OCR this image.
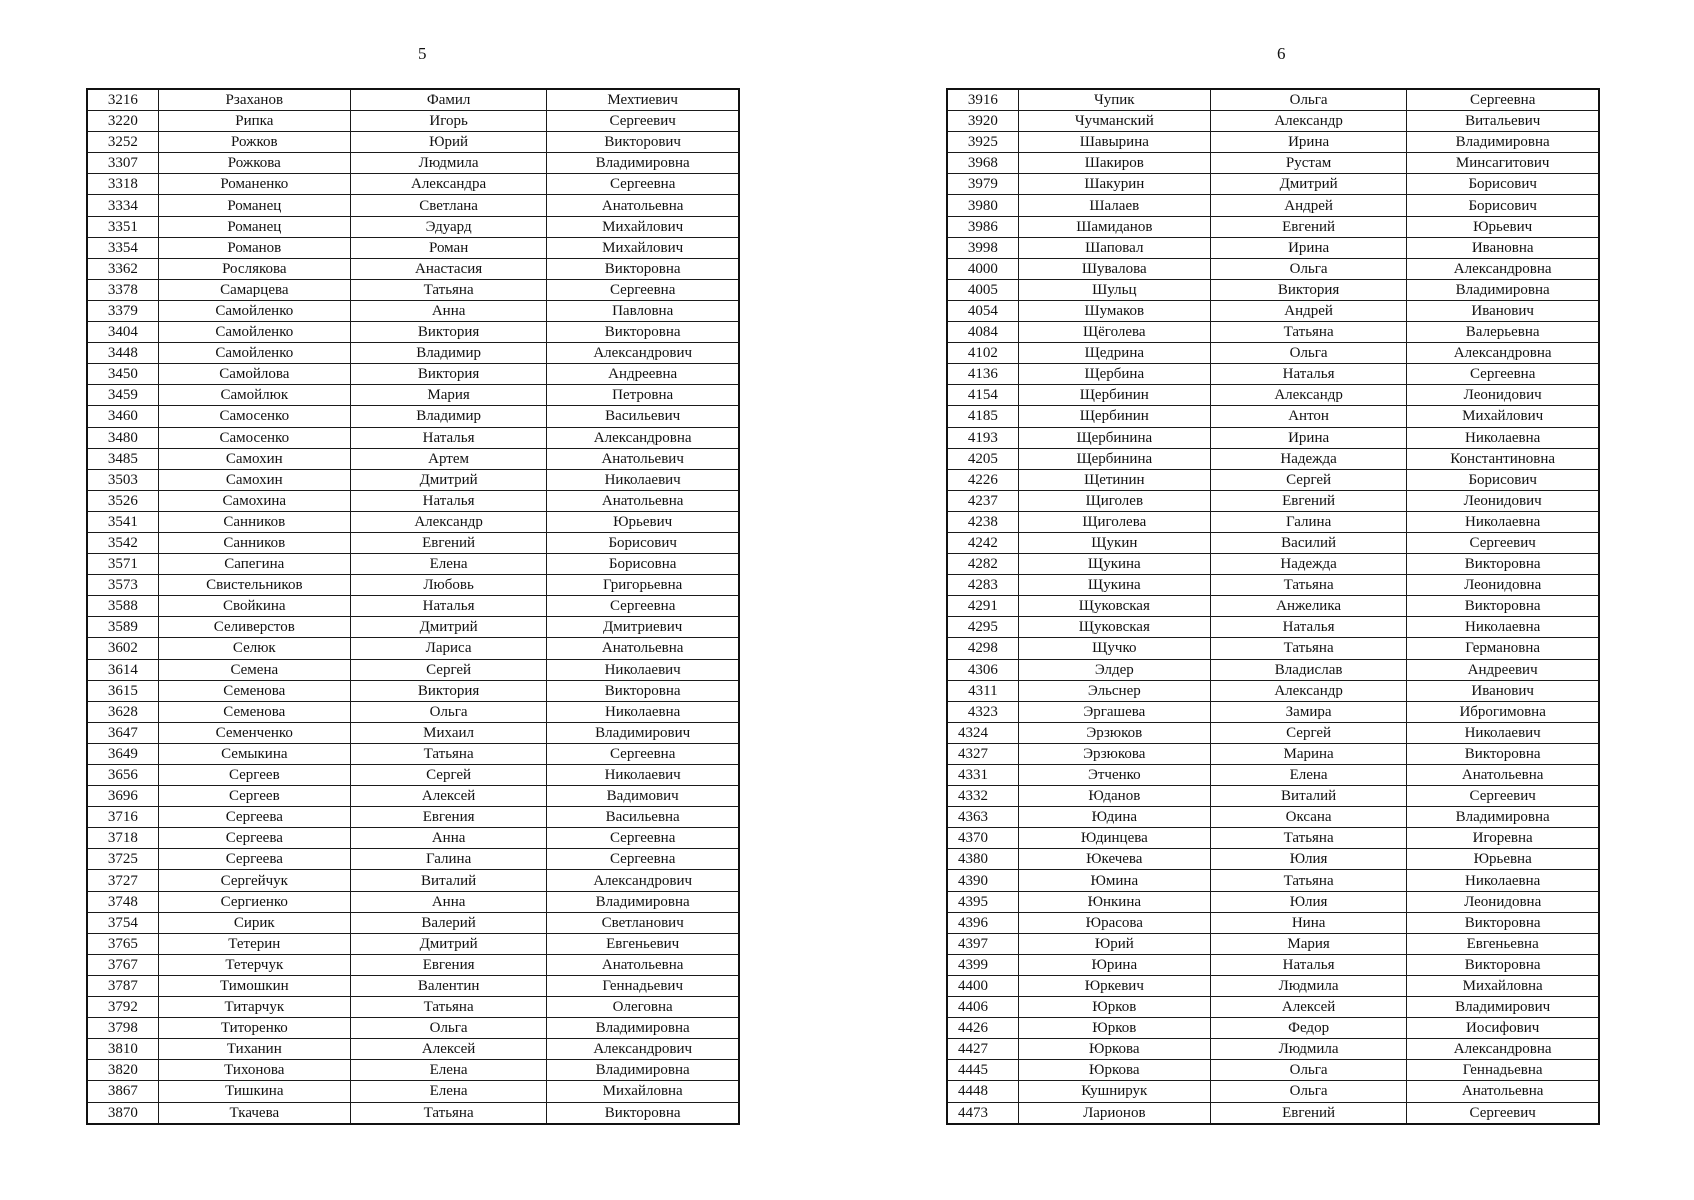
5
3216	Рзаханов	Фамил	Мехтиевич
3220	Рипка	Игорь	Сергеевич
3252	Рожков	Юрий	Викторович
3307	Рожкова	Людмила	Владимировна
3318	Романенко	Александра	Сергеевна
3334	Романец	Светлана	Анатольевна
3351	Романец	Эдуард	Михайлович
3354	Романов	Роман	Михайлович
3362	Рослякова	Анастасия	Викторовна
3378	Самарцева	Татьяна	Сергеевна
3379	Самойленко	Анна	Павловна
3404	Самойленко	Виктория	Викторовна
3448	Самойленко	Владимир	Александрович
3450	Самойлова	Виктория	Андреевна
3459	Самойлюк	Мария	Петровна
3460	Самосенко	Владимир	Васильевич
3480	Самосенко	Наталья	Александровна
3485	Самохин	Артем	Анатольевич
3503	Самохин	Дмитрий	Николаевич
3526	Самохина	Наталья	Анатольевна
3541	Санников	Александр	Юрьевич
3542	Санников	Евгений	Борисович
3571	Сапегина	Елена	Борисовна
3573	Свистельников	Любовь	Григорьевна
3588	Свойкина	Наталья	Сергеевна
3589	Селиверстов	Дмитрий	Дмитриевич
3602	Селюк	Лариса	Анатольевна
3614	Семена	Сергей	Николаевич
3615	Семенова	Виктория	Викторовна
3628	Семенова	Ольга	Николаевна
3647	Семенченко	Михаил	Владимирович
3649	Семыкина	Татьяна	Сергеевна
3656	Сергеев	Сергей	Николаевич
3696	Сергеев	Алексей	Вадимович
3716	Сергеева	Евгения	Васильевна
3718	Сергеева	Анна	Сергеевна
3725	Сергеева	Галина	Сергеевна
3727	Сергейчук	Виталий	Александрович
3748	Сергиенко	Анна	Владимировна
3754	Сирик	Валерий	Светланович
3765	Тетерин	Дмитрий	Евгеньевич
3767	Тетерчук	Евгения	Анатольевна
3787	Тимошкин	Валентин	Геннадьевич
3792	Титарчук	Татьяна	Олеговна
3798	Титоренко	Ольга	Владимировна
3810	Тиханин	Алексей	Александрович
3820	Тихонова	Елена	Владимировна
3867	Тишкина	Елена	Михайловна
3870	Ткачева	Татьяна	Викторовна
6
3916	Чупик	Ольга	Сергеевна
3920	Чучманский	Александр	Витальевич
3925	Шавырина	Ирина	Владимировна
3968	Шакиров	Рустам	Минсагитович
3979	Шакурин	Дмитрий	Борисович
3980	Шалаев	Андрей	Борисович
3986	Шамиданов	Евгений	Юрьевич
3998	Шаповал	Ирина	Ивановна
4000	Шувалова	Ольга	Александровна
4005	Шульц	Виктория	Владимировна
4054	Шумаков	Андрей	Иванович
4084	Щёголева	Татьяна	Валерьевна
4102	Щедрина	Ольга	Александровна
4136	Щербина	Наталья	Сергеевна
4154	Щербинин	Александр	Леонидович
4185	Щербинин	Антон	Михайлович
4193	Щербинина	Ирина	Николаевна
4205	Щербинина	Надежда	Константиновна
4226	Щетинин	Сергей	Борисович
4237	Щиголев	Евгений	Леонидович
4238	Щиголева	Галина	Николаевна
4242	Щукин	Василий	Сергеевич
4282	Щукина	Надежда	Викторовна
4283	Щукина	Татьяна	Леонидовна
4291	Щуковская	Анжелика	Викторовна
4295	Щуковская	Наталья	Николаевна
4298	Щучко	Татьяна	Германовна
4306	Элдер	Владислав	Андреевич
4311	Эльснер	Александр	Иванович
4323	Эргашева	Замира	Иброгимовна
4324	Эрзюков	Сергей	Николаевич
4327	Эрзюкова	Марина	Викторовна
4331	Этченко	Елена	Анатольевна
4332	Юданов	Виталий	Сергеевич
4363	Юдина	Оксана	Владимировна
4370	Юдинцева	Татьяна	Игоревна
4380	Юкечева	Юлия	Юрьевна
4390	Юмина	Татьяна	Николаевна
4395	Юнкина	Юлия	Леонидовна
4396	Юрасова	Нина	Викторовна
4397	Юрий	Мария	Евгеньевна
4399	Юрина	Наталья	Викторовна
4400	Юркевич	Людмила	Михайловна
4406	Юрков	Алексей	Владимирович
4426	Юрков	Федор	Иосифович
4427	Юркова	Людмила	Александровна
4445	Юркова	Ольга	Геннадьевна
4448	Кушнирук	Ольга	Анатольевна
4473	Ларионов	Евгений	Сергеевич
